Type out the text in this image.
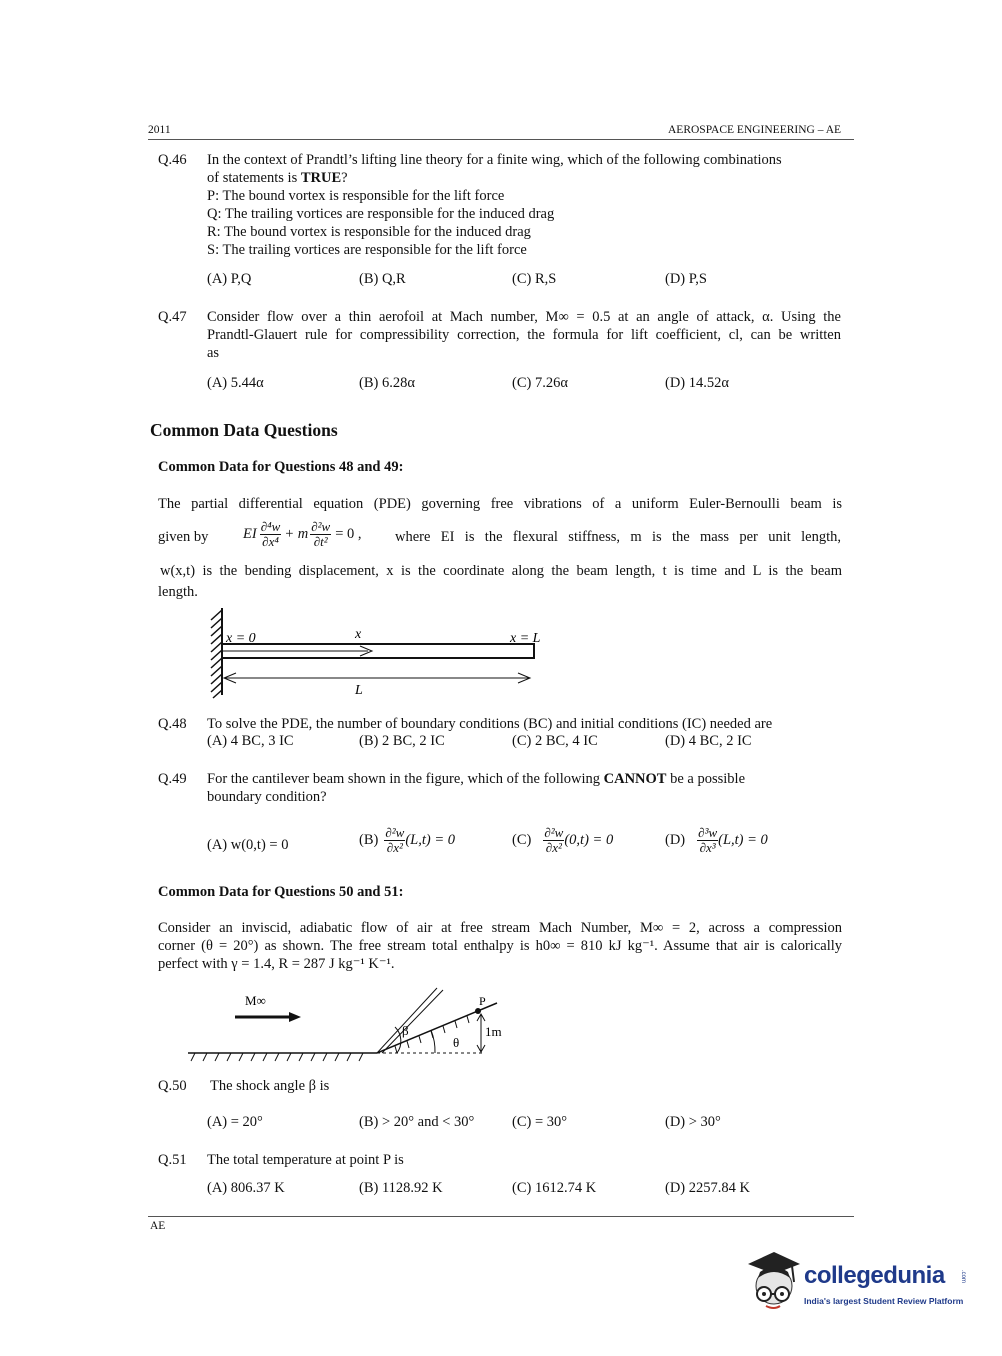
2011	AEROSPACE ENGINEERING – AE
Q.46 In the context of Prandtl’s lifting line theory for a finite wing, which of the following combinations
of statements is TRUE?
P: The bound vortex is responsible for the lift force
Q: The trailing vortices are responsible for the induced drag
R: The bound vortex is responsible for the induced drag
S: The trailing vortices are responsible for the lift force
(A) P,Q	(B) Q,R	(C) R,S	(D) P,S
Q.47 Consider flow over a thin aerofoil at Mach number, M∞ = 0.5 at an angle of attack, α. Using the
Prandtl-Glauert rule for compressibility correction, the formula for lift coefficient, cl, can be written
as
(A) 5.44α	(B) 6.28α	(C) 7.26α	(D) 14.52α
Common Data Questions
Common Data for Questions 48 and 49:
The partial differential equation (PDE) governing free vibrations of a uniform Euler-Bernoulli beam is
given by EI $\frac{\text{∂⁴w}}{\text{∂x⁴}} + m \frac{\text{∂²w}}{\text{∂t²}} = 0$ , where EI is the flexural stiffness, m is the mass per unit length,
w(x,t) is the bending displacement, x is the coordinate along the beam length, t is time and L is the beam
length.
x = 0	x	x = L
L
Q.48 To solve the PDE, the number of boundary conditions (BC) and initial conditions (IC) needed are
(A) 4 BC, 3 IC	(B) 2 BC, 2 IC	(C) 2 BC, 4 IC	(D) 4 BC, 2 IC
Q.49 For the cantilever beam shown in the figure, which of the following CANNOT be a possible
boundary condition?
(A) w(0,t) = 0	$(B) \frac{\text{∂²w}}{\text{∂x²}} (L,t) = 0$	$(C) \frac{\text{∂²w}}{\text{∂x²}} (0,t) = 0$	$(D) \frac{\text{∂³w}}{\text{∂x³}} (L,t) = 0$
Common Data for Questions 50 and 51:
Consider an inviscid, adiabatic flow of air at free stream Mach Number, M∞ = 2, across a compression
corner (θ = 20°) as shown. The free stream total enthalpy is h0∞ = 810 kJ kg⁻¹. Assume that air is calorically
perfect with γ = 1.4, R = 287 J kg⁻¹ K⁻¹.
M∞
β
θ
P
1m
Q.50 The shock angle β is
(A) = 20°	(B) > 20° and < 30°	(C) = 30°	(D) > 30°
Q.51 The total temperature at point P is
(A) 806.37 K	(B) 1128.92 K	(C) 1612.74 K	(D) 2257.84 K
AE
collegedunia	.com
India's largest Student Review Platform
